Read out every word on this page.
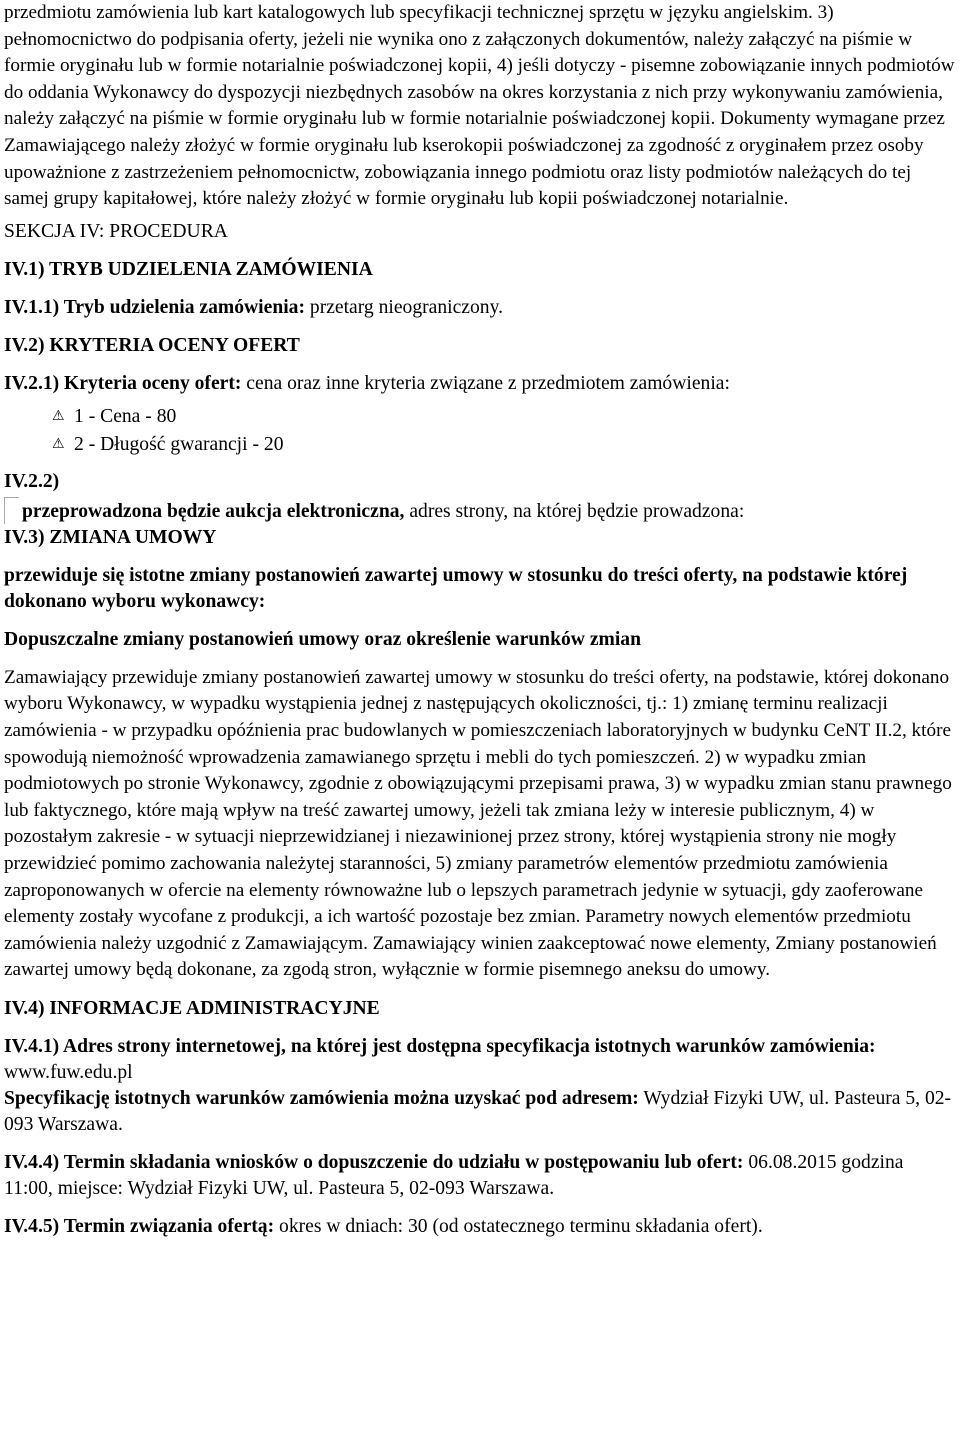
przedmiotu zamówienia lub kart katalogowych lub specyfikacji technicznej sprzętu w języku angielskim. 3) pełnomocnictwo do podpisania oferty, jeżeli nie wynika ono z załączonych dokumentów, należy załączyć na piśmie w formie oryginału lub w formie notarialnie poświadczonej kopii, 4) jeśli dotyczy - pisemne zobowiązanie innych podmiotów do oddania Wykonawcy do dyspozycji niezbędnych zasobów na okres korzystania z nich przy wykonywaniu zamówienia, należy załączyć na piśmie w formie oryginału lub w formie notarialnie poświadczonej kopii. Dokumenty wymagane przez Zamawiającego należy złożyć w formie oryginału lub kserokopii poświadczonej za zgodność z oryginałem przez osoby upoważnione z zastrzeżeniem pełnomocnictw, zobowiązania innego podmiotu oraz listy podmiotów należących do tej samej grupy kapitałowej, które należy złożyć w formie oryginału lub kopii poświadczonej notarialnie.

SEKCJA IV: PROCEDURA

IV.1) TRYB UDZIELENIA ZAMÓWIENIA

IV.1.1) Tryb udzielenia zamówienia: przetarg nieograniczony.

IV.2) KRYTERIA OCENY OFERT

IV.2.1) Kryteria oceny ofert: cena oraz inne kryteria związane z przedmiotem zamówienia:

⚠ 1 - Cena - 80
⚠ 2 - Długość gwarancji - 20

IV.2.2)

przeprowadzona będzie aukcja elektroniczna, adres strony, na której będzie prowadzona:

IV.3) ZMIANA UMOWY

przewiduje się istotne zmiany postanowień zawartej umowy w stosunku do treści oferty, na podstawie której dokonano wyboru wykonawcy:

Dopuszczalne zmiany postanowień umowy oraz określenie warunków zmian

Zamawiający przewiduje zmiany postanowień zawartej umowy w stosunku do treści oferty, na podstawie, której dokonano wyboru Wykonawcy, w wypadku wystąpienia jednej z następujących okoliczności, tj.: 1) zmianę terminu realizacji zamówienia - w przypadku opóźnienia prac budowlanych w pomieszczeniach laboratoryjnych w budynku CeNT II.2, które spowodują niemożność wprowadzenia zamawianego sprzętu i mebli do tych pomieszczeń. 2) w wypadku zmian podmiotowych po stronie Wykonawcy, zgodnie z obowiązującymi przepisami prawa, 3) w wypadku zmian stanu prawnego lub faktycznego, które mają wpływ na treść zawartej umowy, jeżeli tak zmiana leży w interesie publicznym, 4) w pozostałym zakresie - w sytuacji nieprzewidzianej i niezawinionej przez strony, której wystąpienia strony nie mogły przewidzieć pomimo zachowania należytej staranności, 5) zmiany parametrów elementów przedmiotu zamówienia zaproponowanych w ofercie na elementy równoważne lub o lepszych parametrach jedynie w sytuacji, gdy zaoferowane elementy zostały wycofane z produkcji, a ich wartość pozostaje bez zmian. Parametry nowych elementów przedmiotu zamówienia należy uzgodnić z Zamawiającym. Zamawiający winien zaakceptować nowe elementy, Zmiany postanowień zawartej umowy będą dokonane, za zgodą stron, wyłącznie w formie pisemnego aneksu do umowy.

IV.4) INFORMACJE ADMINISTRACYJNE

IV.4.1) Adres strony internetowej, na której jest dostępna specyfikacja istotnych warunków zamówienia: www.fuw.edu.pl

Specyfikację istotnych warunków zamówienia można uzyskać pod adresem: Wydział Fizyki UW, ul. Pasteura 5, 02-093 Warszawa.

IV.4.4) Termin składania wniosków o dopuszczenie do udziału w postępowaniu lub ofert: 06.08.2015 godzina 11:00, miejsce: Wydział Fizyki UW, ul. Pasteura 5, 02-093 Warszawa.

IV.4.5) Termin związania ofertą: okres w dniach: 30 (od ostatecznego terminu składania ofert).
